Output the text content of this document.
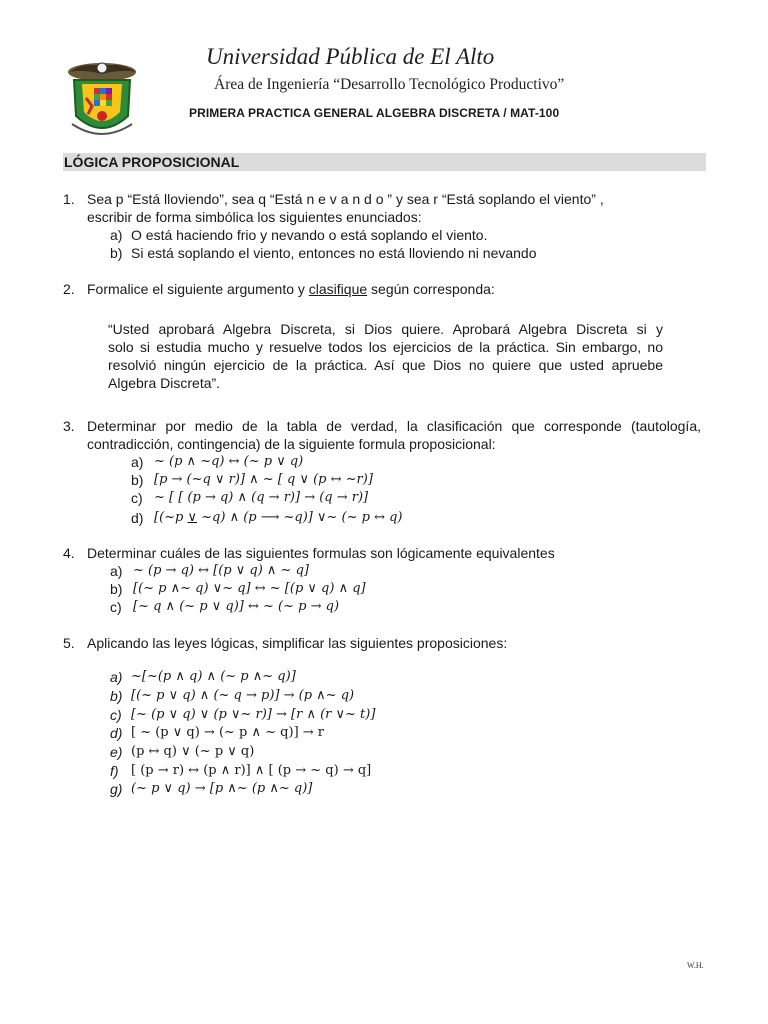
Universidad Pública de El Alto
Área de Ingeniería “Desarrollo Tecnológico Productivo”
PRIMERA PRACTICA GENERAL ALGEBRA DISCRETA / MAT-100
LÓGICA PROPOSICIONAL
1. Sea p “Está lloviendo”, sea q “Está n e v a n d o ” y sea r “Está soplando el viento” ,
escribir de forma simbólica los siguientes enunciados:
a) O está haciendo frio y nevando o está soplando el viento.
b) Si está soplando el viento, entonces no está lloviendo ni nevando
2. Formalice el siguiente argumento y clasifique según corresponda:
“Usted aprobará Algebra Discreta, si Dios quiere. Aprobará Algebra Discreta si y
solo si estudia mucho y resuelve todos los ejercicios de la práctica. Sin embargo, no
resolvió ningún ejercicio de la práctica. Así que Dios no quiere que usted apruebe
Algebra Discreta”.
3. Determinar por medio de la tabla de verdad, la clasificación que corresponde (tautología,
contradicción, contingencia) de la siguiente formula proposicional:
a) ~ (p ∧ ~q) ↔ (~ p ∨ q)
b) [p → (~q ∨ r)] ∧ ~ [ q ∨ (p ↔ ~r)]
c) ~ [ [ (p → q) ∧ (q → r)] → (q → r)]
d) [(~p ∨ ~q) ∧ (p ⟶ ~q)] ∨~ (~ p ↔ q)
4. Determinar cuáles de las siguientes formulas son lógicamente equivalentes
a) ~ (p → q) ↔ [(p ∨ q) ∧ ~ q]
b) [(~ p ∧~ q) ∨~ q] ↔ ~ [(p ∨ q) ∧ q]
c) [~ q ∧ (~ p ∨ q)] ↔ ~ (~ p → q)
5. Aplicando las leyes lógicas, simplificar las siguientes proposiciones:
a) ~[~(p ∧ q) ∧ (~ p ∧~ q)]
b) [(~ p ∨ q) ∧ (~ q → p)] → (p ∧~ q)
c) [~ (p ∨ q) ∨ (p ∨~ r)] → [r ∧ (r ∨~ t)]
d) [ ~ (p ∨ q) → (~ p ∧ ~ q)] → r
e) (p ↔ q) ∨ (~ p ∨ q)
f) [ (p → r) ↔ (p ∧ r)] ∧ [ (p → ~ q) → q]
g) (~ p ∨ q) → [p ∧~ (p ∧~ q)]
W.H.
